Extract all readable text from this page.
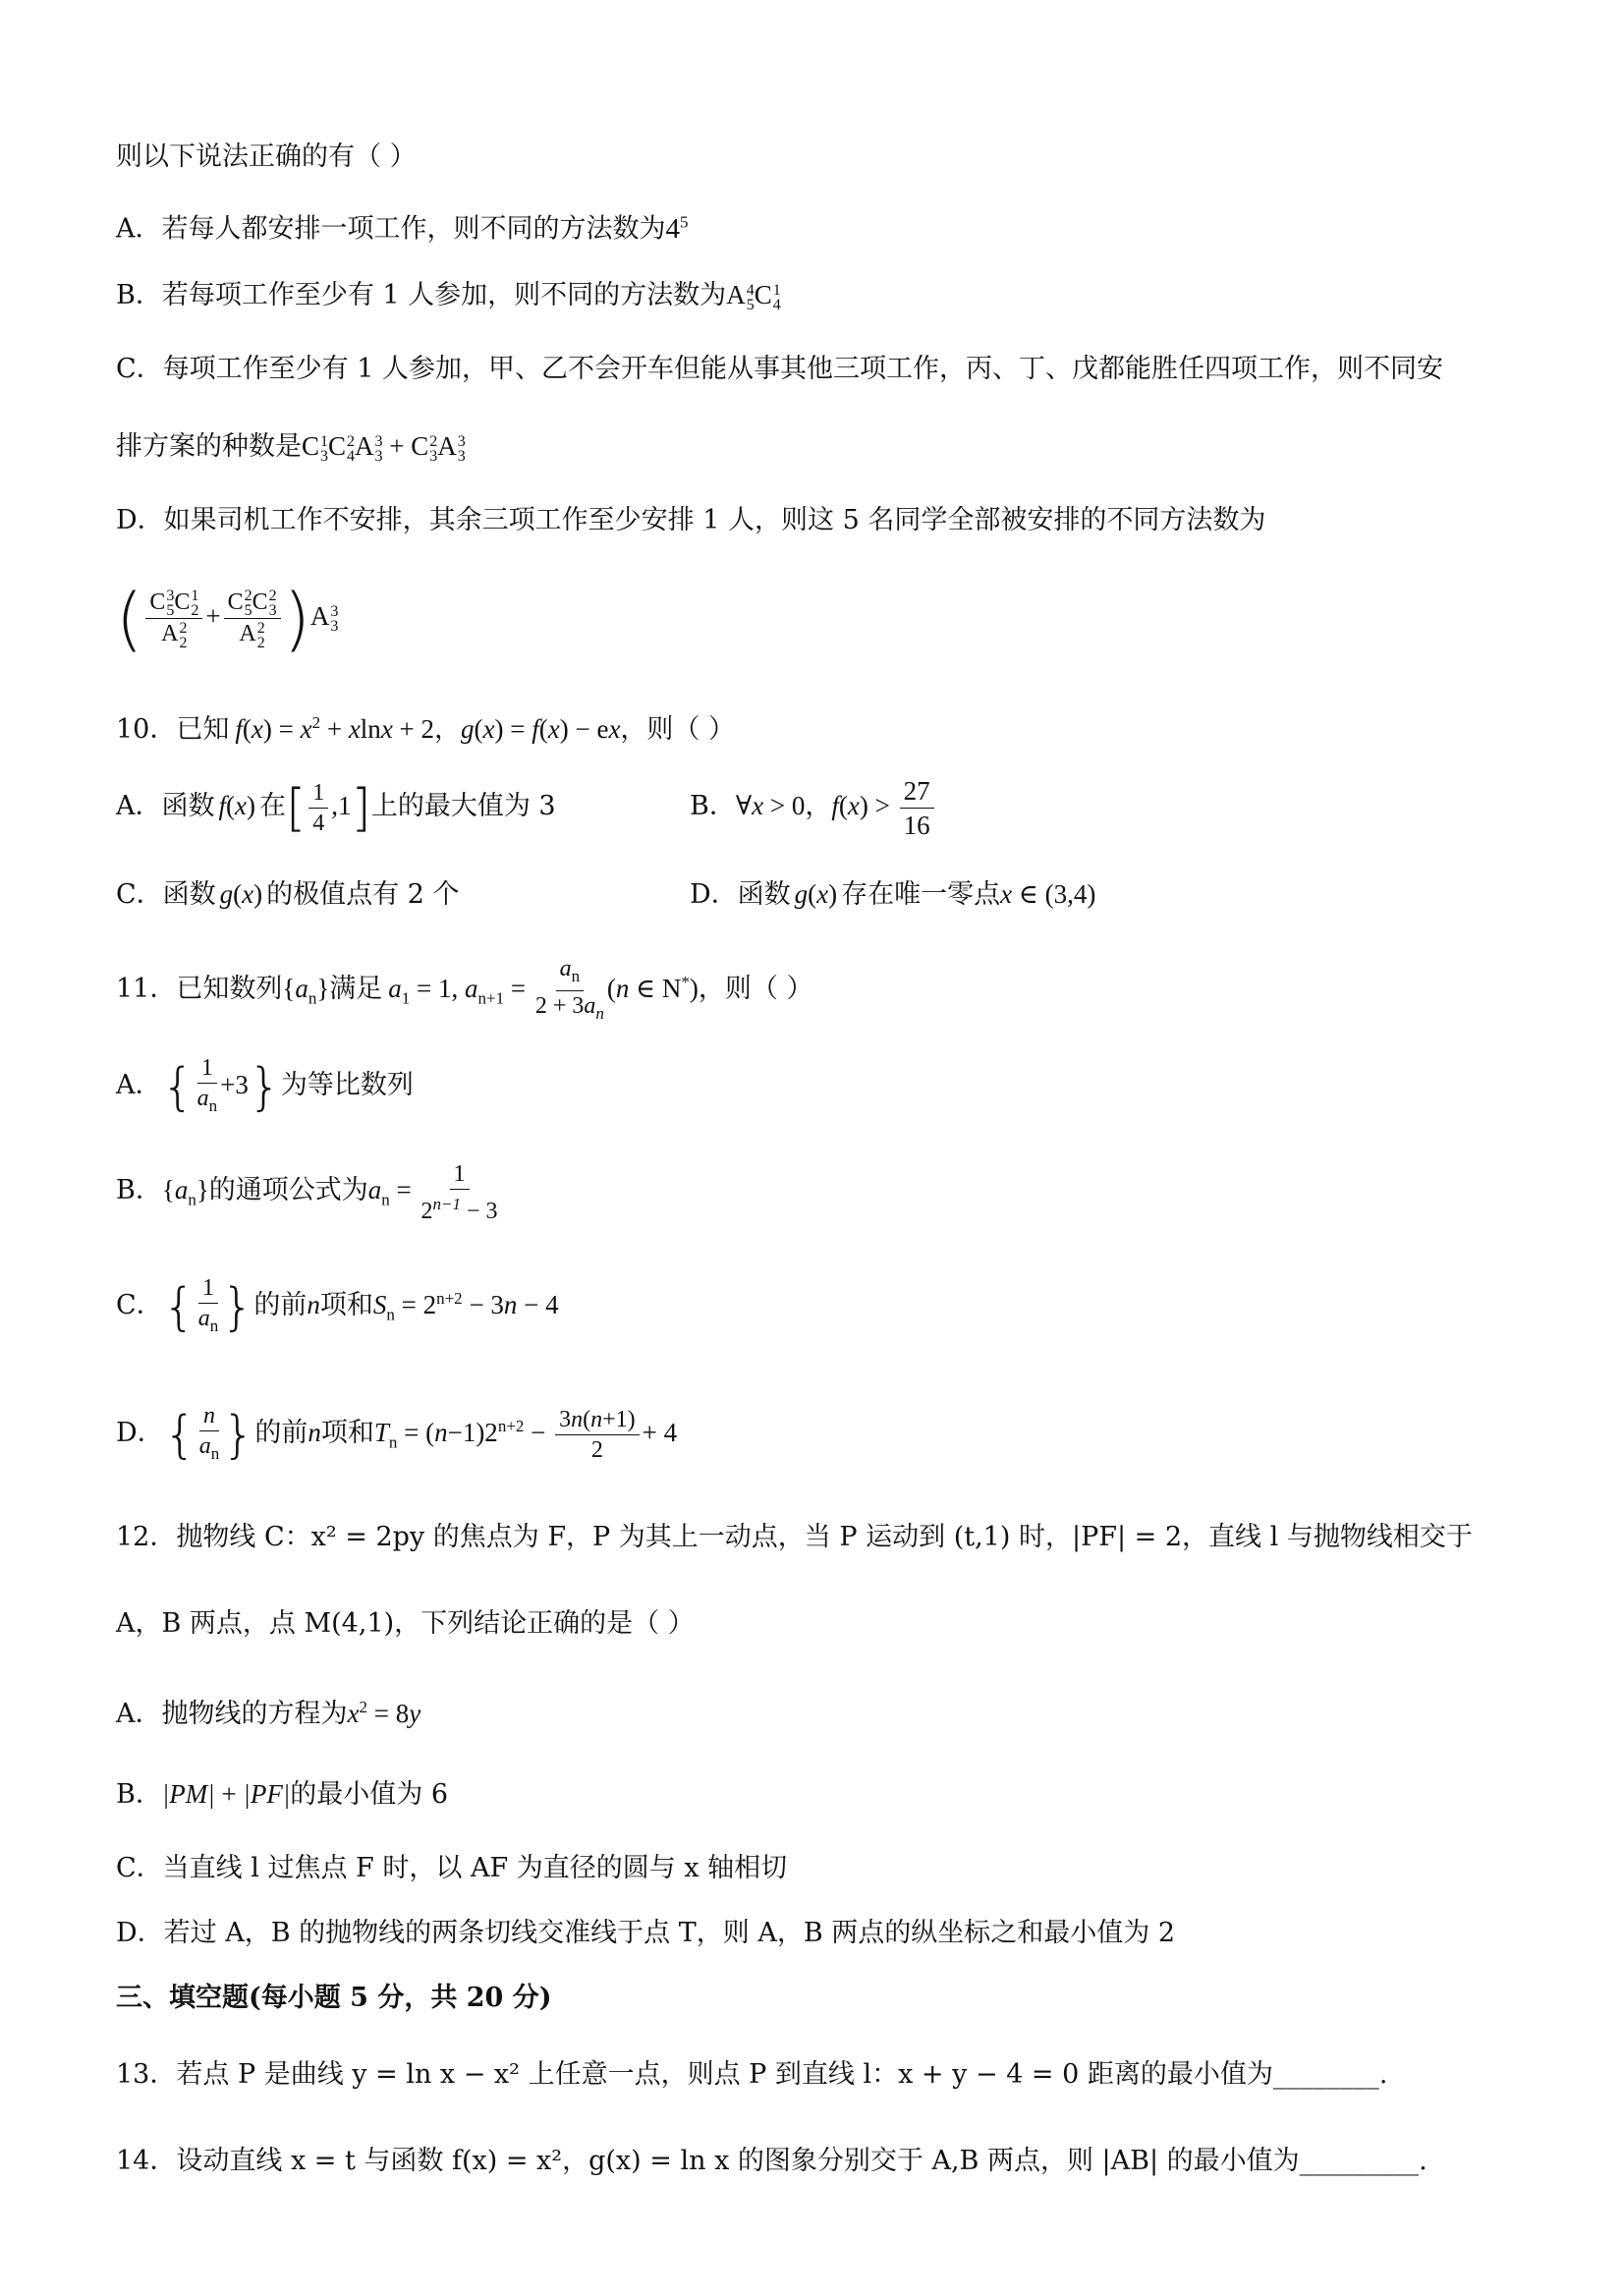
则以下说法正确的有（ ）
A．若每人都安排一项工作，则不同的方法数为$4^5$
B．若每项工作至少有 1 人参加，则不同的方法数为A 4
5 C 1
4
C．每项工作至少有 1 人参加，甲、乙不会开车但能从事其他三项工作，丙、丁、戊都能胜任四项工作，则不同安
排方案的种数是C 1
3 C 2
4 A 3
3 + C 2
3 A 3
3
D．如果司机工作不安排，其余三项工作至少安排 1 人，则这 5 名同学全部被安排的不同方法数为
( C 3
5 C 1
2
A 2
2 + C 2
5 C 2
3
A 2
2 )A 3
3
10．已知 $f(x) = x^2 + xlnx + 2$，g(x) = f(x) − ex，则（ ）
A．函数 f(x) 在[ $\frac{1}{4} ,1$]上的最大值为 3	B．∀x > 0，$f(x) > \frac{27}{16}$
C．函数 g(x) 的极值点有 2 个	D．函数 g(x) 存在唯一零点x ∈ (3,4)
11．已知数列$\{a_n\}$满足 $a_1 = 1$, $a_{n+1} = \frac{a_n}{2 + 3a_n} (n$ ∈ N*)，则（ ）
A．{ $\frac{1}{a_n} +3$}为等比数列
B．$\{a_n\}$的通项公式为$a_n = \frac{1}{2^{n-1} - 3}$
C．{ $\frac{1}{a_n}$ }的前n项和$S_n = 2^{n+2} - 3n - 4$
D．{ $\frac{n}{a_n}$ }的前n项和$T_n = (n-1)2^{n+2} - \frac{3n(n+1)}{2} + 4$
12．抛物线 C：x² = 2py 的焦点为 F，P 为其上一动点，当 P 运动到 (t,1) 时，|PF| = 2，直线 l 与抛物线相交于
A，B 两点，点 M(4,1)，下列结论正确的是（ ）
A．抛物线的方程为$x^2 = 8y$
B．|PM| + |PF|的最小值为 6
C．当直线 l 过焦点 F 时，以 AF 为直径的圆与 x 轴相切
D．若过 A，B 的抛物线的两条切线交准线于点 T，则 A，B 两点的纵坐标之和最小值为 2
三、填空题(每小题 5 分，共 20 分)
13．若点 P 是曲线 y = ln x − x² 上任意一点，则点 P 到直线 l：x + y − 4 = 0 距离的最小值为________.
14．设动直线 x = t 与函数 f(x) = x²，g(x) = ln x 的图象分别交于 A,B 两点，则 |AB| 的最小值为_________.
